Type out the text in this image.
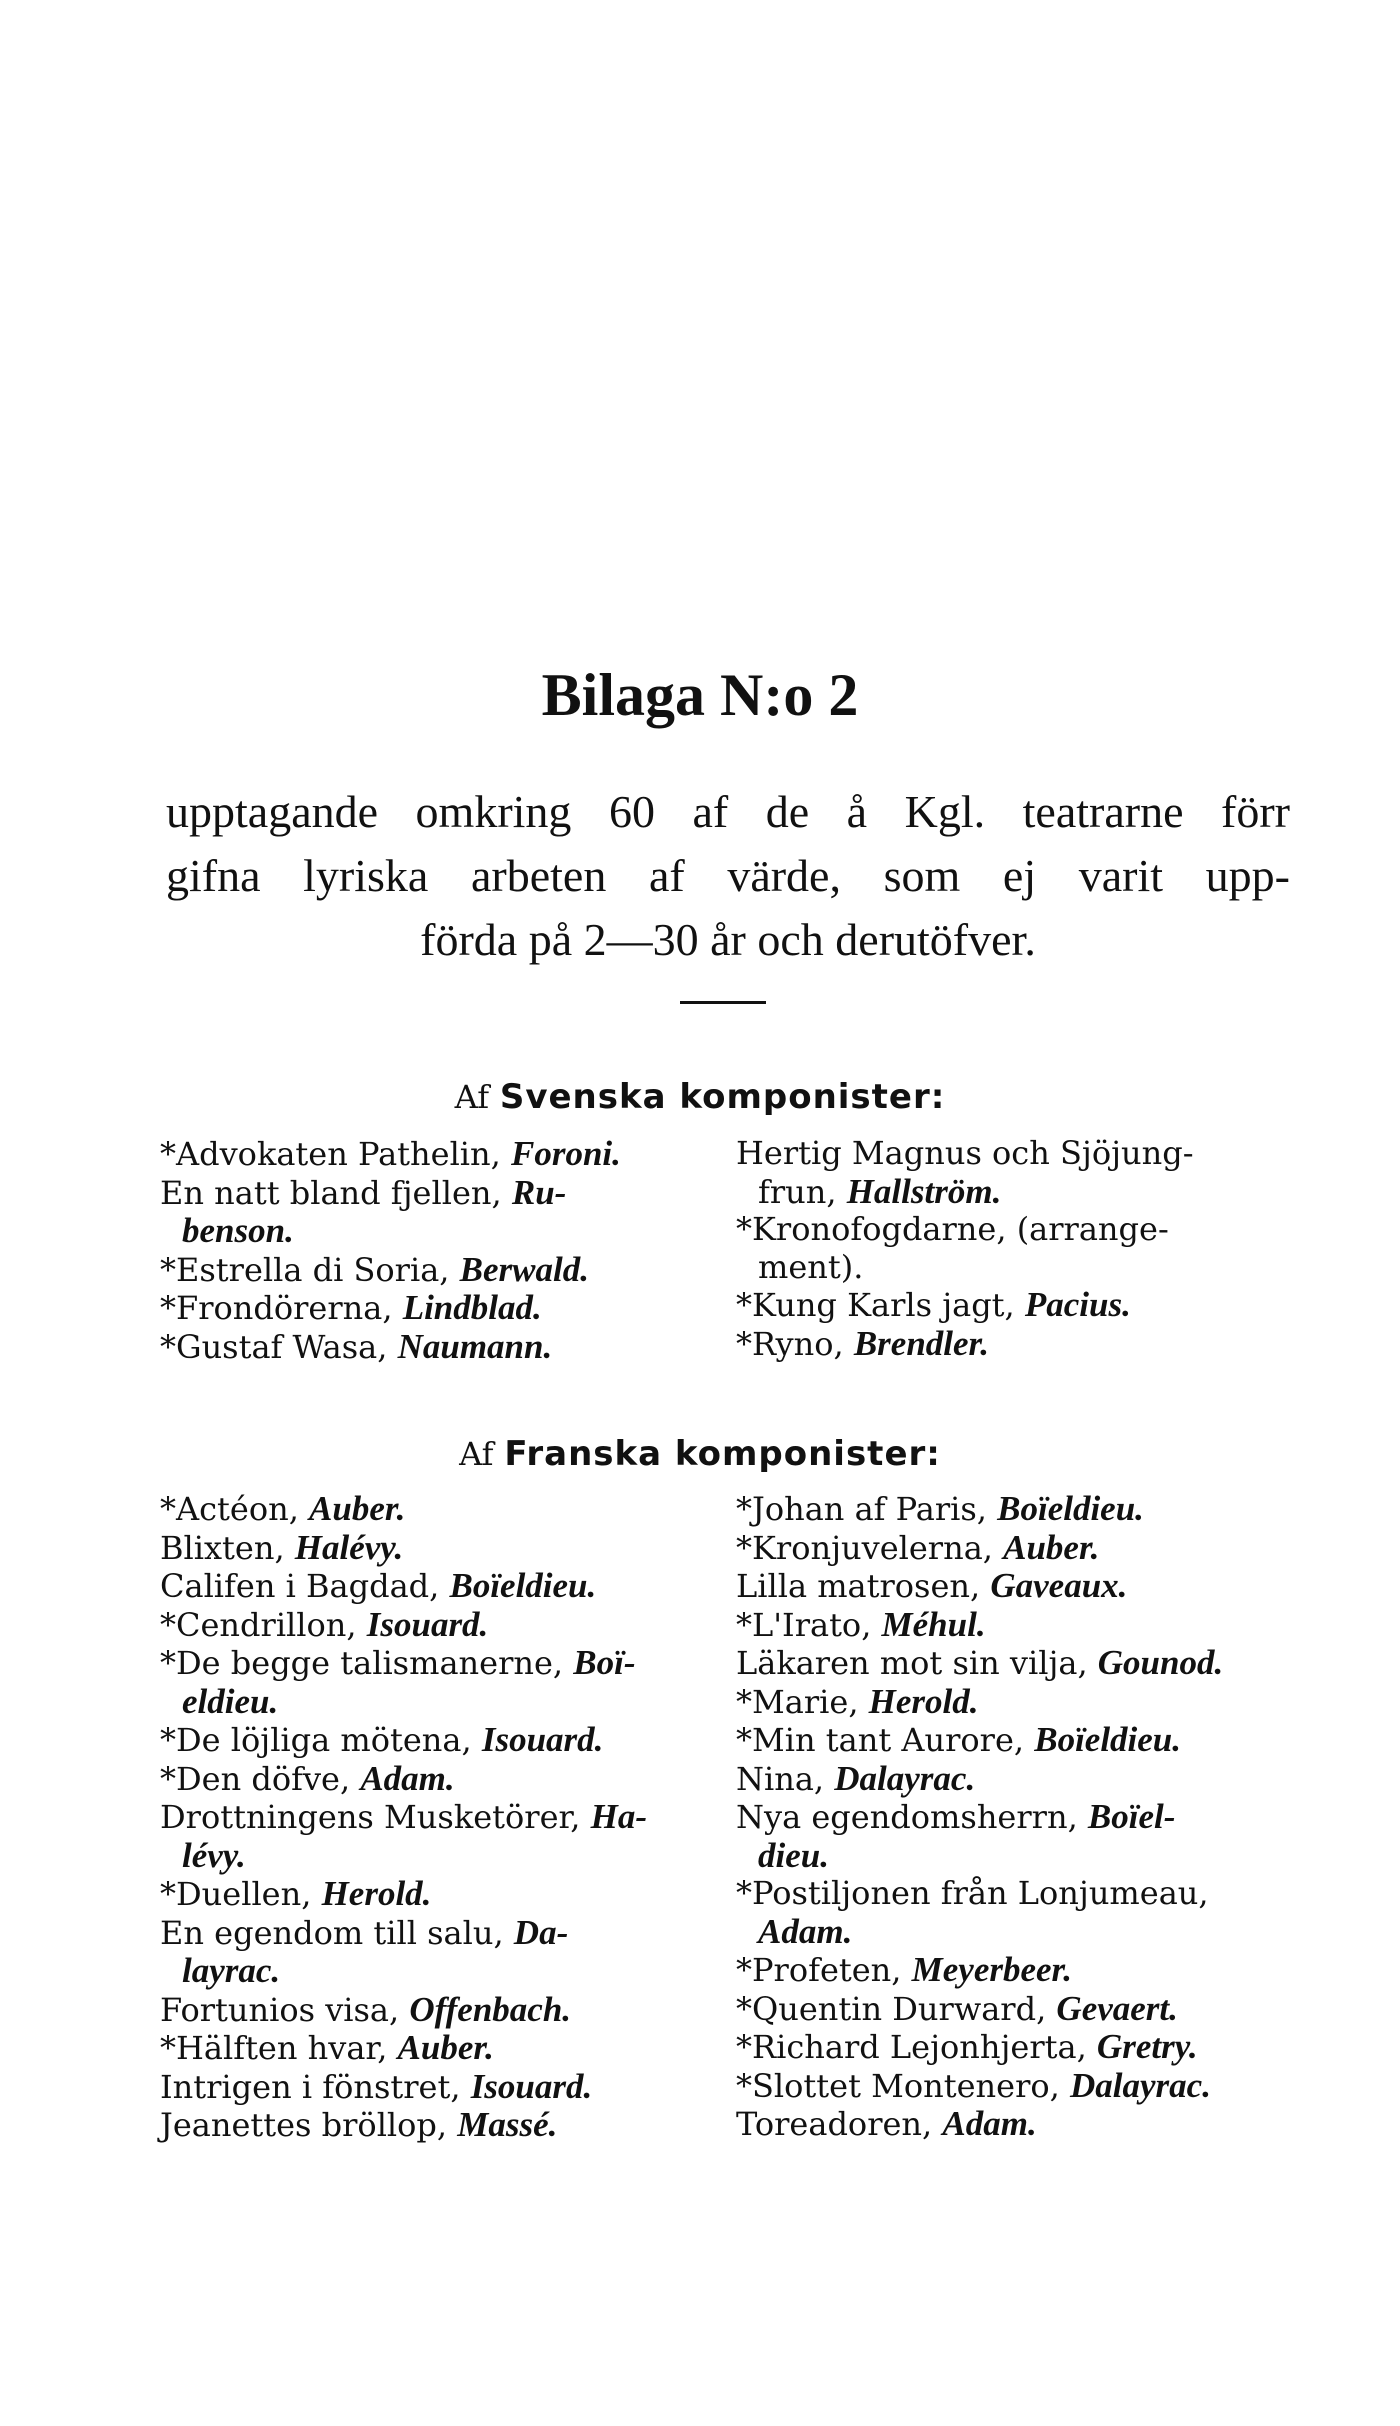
Bilaga N:o 2
upptagande omkring 60 af de å Kgl. teatrarne förr
gifna lyriska arbeten af värde, som ej varit upp-
förda på 2—30 år och derutöfver.
Af Svenska komponister:

*Advokaten Pathelin, Foroni.

En natt bland fjellen, Ru-

benson.

*Estrella di Soria, Berwald.

*Frondörerna, Lindblad.

*Gustaf Wasa, Naumann.

Hertig Magnus och Sjöjung-

frun, Hallström.

*Kronofogdarne, (arrange-

ment).

*Kung Karls jagt, Pacius.

*Ryno, Brendler.

Af Franska komponister:

*Actéon, Auber.

Blixten, Halévy.

Califen i Bagdad, Boïeldieu.

*Cendrillon, Isouard.

*De begge talismanerne, Boï-

eldieu.

*De löjliga mötena, Isouard.

*Den döfve, Adam.

Drottningens Musketörer, Ha-

lévy.

*Duellen, Herold.

En egendom till salu, Da-

layrac.

Fortunios visa, Offenbach.

*Hälften hvar, Auber.

Intrigen i fönstret, Isouard.

Jeanettes bröllop, Massé.

*Johan af Paris, Boïeldieu.

*Kronjuvelerna, Auber.

Lilla matrosen, Gaveaux.

*L'Irato, Méhul.

Läkaren mot sin vilja, Gounod.

*Marie, Herold.

*Min tant Aurore, Boïeldieu.

Nina, Dalayrac.

Nya egendomsherrn, Boïel-

dieu.

*Postiljonen från Lonjumeau,

Adam.

*Profeten, Meyerbeer.

*Quentin Durward, Gevaert.

*Richard Lejonhjerta, Gretry.

*Slottet Montenero, Dalayrac.

Toreadoren, Adam.
